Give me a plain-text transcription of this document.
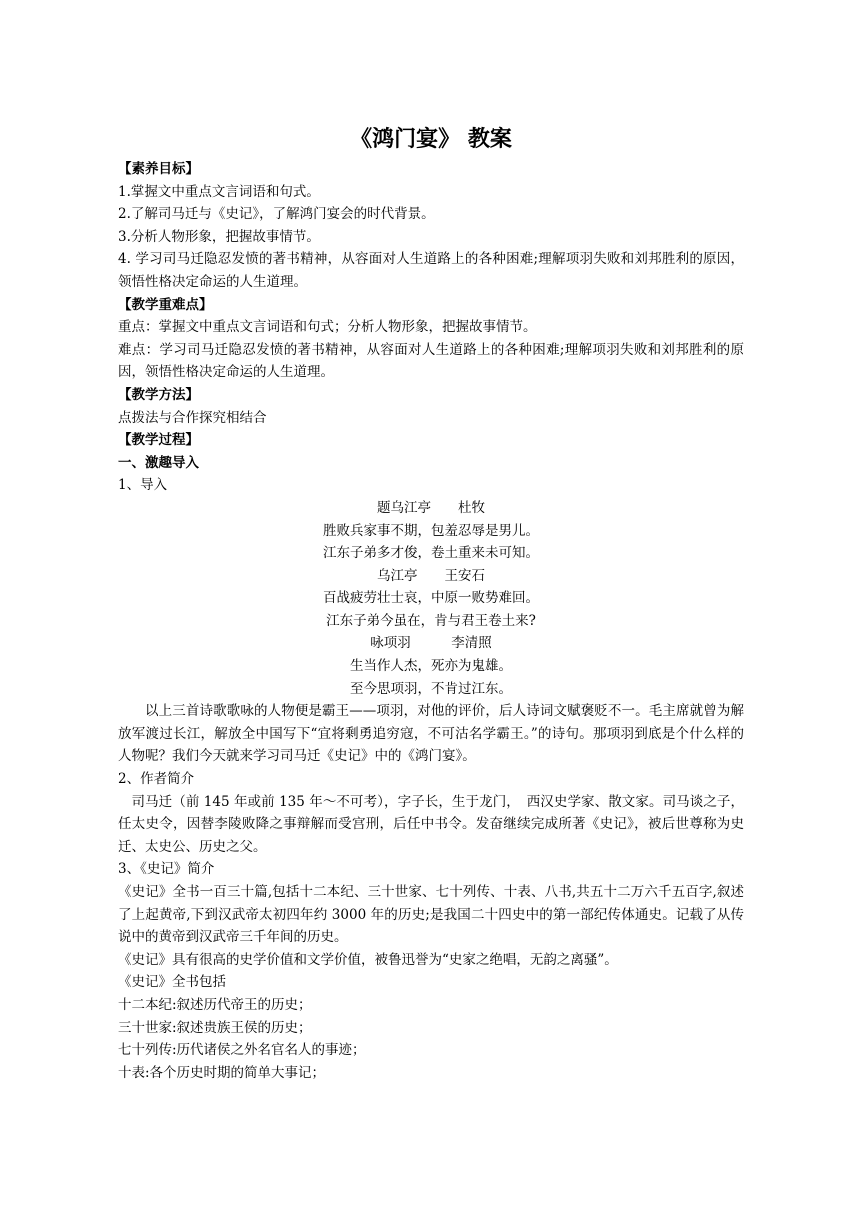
《鸿门宴》 教案
【素养目标】
1.掌握文中重点文言词语和句式。
2.了解司马迁与《史记》，了解鸿门宴会的时代背景。
3.分析人物形象，把握故事情节。
4. 学习司马迁隐忍发愤的著书精神，从容面对人生道路上的各种困难;理解项羽失败和刘邦胜利的原因，领悟性格决定命运的人生道理。
【教学重难点】
重点：掌握文中重点文言词语和句式；分析人物形象，把握故事情节。
难点：学习司马迁隐忍发愤的著书精神，从容面对人生道路上的各种困难;理解项羽失败和刘邦胜利的原因，领悟性格决定命运的人生道理。
【教学方法】
点拨法与合作探究相结合
【教学过程】
一、激趣导入
1、导入
题乌江亭　　杜牧
胜败兵家事不期，包羞忍辱是男儿。
江东子弟多才俊，卷土重来未可知。
乌江亭　　王安石
百战疲劳壮士哀，中原一败势难回。
江东子弟今虽在，肯与君王卷土来?
咏项羽　　　李清照
生当作人杰，死亦为鬼雄。
至今思项羽，不肯过江东。
以上三首诗歌歌咏的人物便是霸王——项羽，对他的评价，后人诗词文赋褒贬不一。毛主席就曾为解放军渡过长江，解放全中国写下“宜将剩勇追穷寇，不可沽名学霸王。”的诗句。那项羽到底是个什么样的人物呢？我们今天就来学习司马迁《史记》中的《鸿门宴》。
2、作者简介
司马迁（前 145 年或前 135 年～不可考），字子长，生于龙门，　西汉史学家、散文家。司马谈之子，任太史令，因替李陵败降之事辩解而受宫刑，后任中书令。发奋继续完成所著《史记》，被后世尊称为史迁、太史公、历史之父。
3、《史记》简介
《史记》全书一百三十篇,包括十二本纪、三十世家、七十列传、十表、八书,共五十二万六千五百字,叙述了上起黄帝,下到汉武帝太初四年约 3000 年的历史;是我国二十四史中的第一部纪传体通史。记载了从传说中的黄帝到汉武帝三千年间的历史。
《史记》具有很高的史学价值和文学价值，被鲁迅誉为“史家之绝唱，无韵之离骚”。
《史记》全书包括
十二本纪:叙述历代帝王的历史；
三十世家:叙述贵族王侯的历史；
七十列传:历代诸侯之外名官名人的事迹；
十表:各个历史时期的简单大事记；
